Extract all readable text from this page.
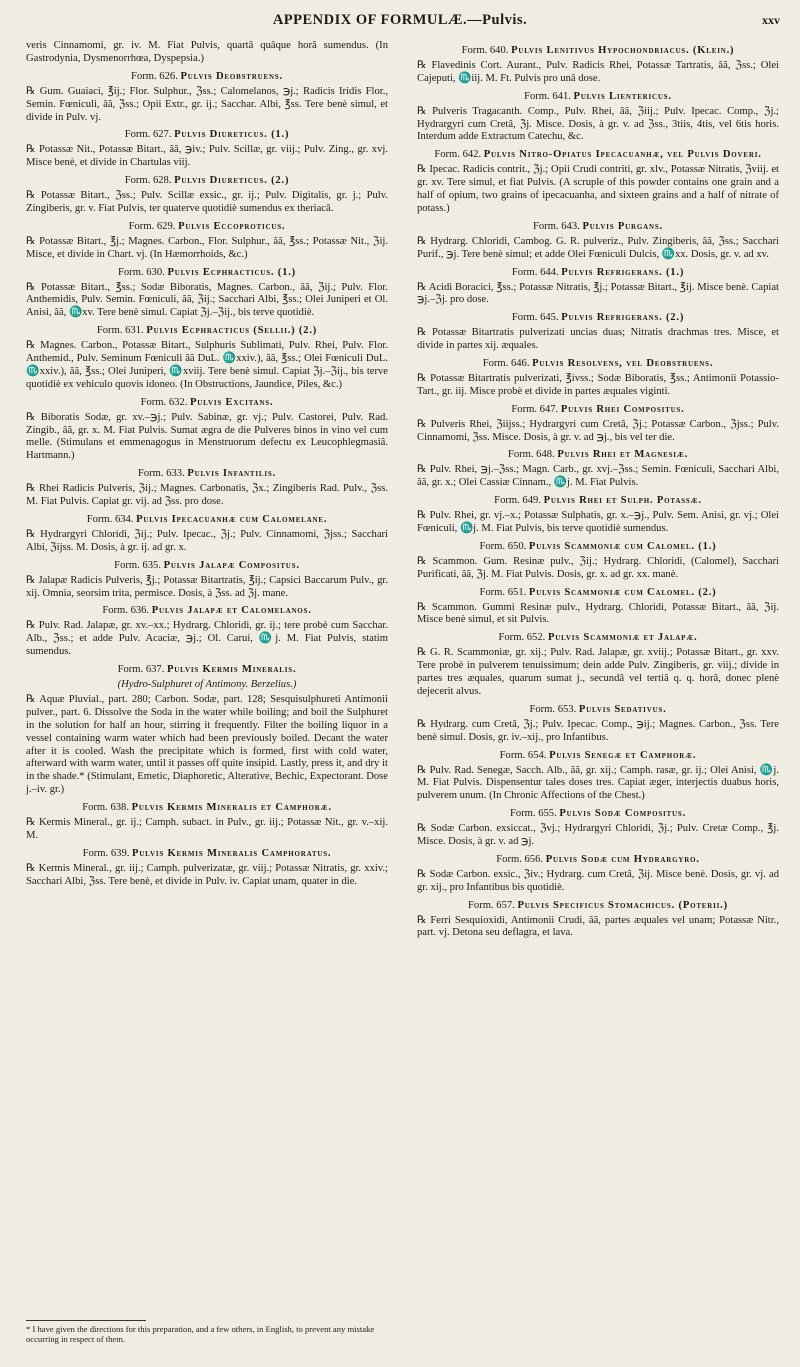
APPENDIX OF FORMULÆ.—Pulvis.	xxv

veris Cinnamomi, gr. iv. M. Fiat Pulvis, quartâ quâque horâ sumendus. (In Gastrodynia, Dysmenorrhœa, Dyspepsia.)

Form. 626. Pulvis Deobstruens.

℞ Gum. Guaiaci, ℥ij.; Flor. Sulphur., ℨss.; Calomelanos, ℈j.; Radicis Iridis Flor., Semin. Fœniculi, ãã, ℨss.; Opii Extr., gr. ij.; Sacchar. Albi, ℥ss. Tere benè simul, et divide in Pulv. vj.

Form. 627. Pulvis Diureticus. (1.)

℞ Potassæ Nit., Potassæ Bitart., ãã, ℈iv.; Pulv. Scillæ, gr. viij.; Pulv. Zing., gr. xvj. Misce benè, et divide in Chartulas viij.

Form. 628. Pulvis Diureticus. (2.)

℞ Potassæ Bitart., ℨss.; Pulv. Scillæ exsic., gr. ij.; Pulv. Digitalis, gr. j.; Pulv. Zingiberis, gr. v. Fiat Pulvis, ter quaterve quotidiè sumendus ex theriacâ.

Form. 629. Pulvis Eccoproticus.

℞ Potassæ Bitart., ℥j.; Magnes. Carbon., Flor. Sulphur., ãã, ℥ss.; Potassæ Nit., ℨij. Misce, et divide in Chart. vj. (In Hæmorrhoids, &c.)

Form. 630. Pulvis Ecphracticus. (1.)

℞ Potassæ Bitart., ℥ss.; Sodæ Biboratis, Magnes. Carbon., ãã, ℨij.; Pulv. Flor. Anthemidis, Pulv. Semin. Fœniculi, ãã, ℨij.; Sacchari Albi, ℥ss.; Olei Juniperi et Ol. Anisi, ãã, ♏xv. Tere benè simul. Capiat ℨj.–ℨij., bis terve quotidiè.

Form. 631. Pulvis Ecphracticus (Sellii.) (2.)

℞ Magnes. Carbon., Potassæ Bitart., Sulphuris Sublimati, Pulv. Rhei, Pulv. Flor. Anthemid., Pulv. Seminum Fœniculi ãã DuL. ♏xxiv.), ãã, ℥ss.; Olei Fœniculi DuL. ♏xxiv.), ãã, ℥ss.; Olei Juniperi, ♏xviij. Tere benè simul. Capiat ℨj.–ℨij., bis terve quotidiè ex vehiculo quovis idoneo. (In Obstructions, Jaundice, Piles, &c.)

Form. 632. Pulvis Excitans.

℞ Biboratis Sodæ, gr. xv.–℈j.; Pulv. Sabinæ, gr. vj.; Pulv. Castorei, Pulv. Rad. Zingib., ãã, gr. x. M. Fiat Pulvis. Sumat ægra de die Pulveres binos in vino vel cum melle. (Stimulans et emmenagogus in Menstruorum defectu ex Leucophlegmasiâ. Hartmann.)

Form. 633. Pulvis Infantilis.

℞ Rhei Radicis Pulveris, ℨij.; Magnes. Carbonatis, ℨx.; Zingiberis Rad. Pulv., ℨss. M. Fiat Pulvis. Capiat gr. vij. ad ℨss. pro dose.

Form. 634. Pulvis Ipecacuanhæ cum Calomelane.

℞ Hydrargyri Chloridi, ℨij.; Pulv. Ipecac., ℨj.; Pulv. Cinnamomi, ℨjss.; Sacchari Albi, ℨijss. M. Dosis, à gr. ij. ad gr. x.

Form. 635. Pulvis Jalapæ Compositus.

℞ Jalapæ Radicis Pulveris, ℥j.; Potassæ Bitartratis, ℥ij.; Capsici Baccarum Pulv., gr. xij. Omnia, seorsim trita, permisce. Dosis, à ℨss. ad ℨj. mane.

Form. 636. Pulvis Jalapæ et Calomelanos.

℞ Pulv. Rad. Jalapæ, gr. xv.–xx.; Hydrarg. Chloridi, gr. ij.; tere probè cum Sacchar. Alb., ℨss.; et adde Pulv. Acaciæ, ℈j.; Ol. Carui, ♏j. M. Fiat Pulvis, statim sumendus.

Form. 637. Pulvis Kermis Mineralis.
(Hydro-Sulphuret of Antimony. Berzelius.)

℞ Aquæ Pluvial., part. 280; Carbon. Sodæ, part. 128; Sesquisulphureti Antimonii pulver., part. 6. Dissolve the Soda in the water while boiling; and boil the Sulphuret in the solution for half an hour, stirring it frequently. Filter the boiling liquor in a vessel containing warm water which had been previously boiled. Decant the water after it is cooled. Wash the precipitate which is formed, first with cold water, afterward with warm water, until it passes off quite insipid. Lastly, press it, and dry it in the shade.* (Stimulant, Emetic, Diaphoretic, Alterative, Bechic, Expectorant. Dose j.–iv. gr.)

Form. 638. Pulvis Kermis Mineralis et Camphoræ.

℞ Kermis Mineral., gr. ij.; Camph. subact. in Pulv., gr. iij.; Potassæ Nit., gr. v.–xij. M.

Form. 639. Pulvis Kermis Mineralis Camphoratus.

℞ Kermis Mineral., gr. iij.; Camph. pulverizatæ, gr. viij.; Potassæ Nitratis, gr. xxiv.; Sacchari Albi, ℨss. Tere benè, et divide in Pulv. iv. Capiat unam, quater in die.

Form. 640. Pulvis Lenitivus Hypochondriacus. (Klein.)

℞ Flavedinis Cort. Aurant., Pulv. Radicis Rhei, Potassæ Tartratis, ãã, ℨss.; Olei Cajeputi, ♏iij. M. Ft. Pulvis pro unâ dose.

Form. 641. Pulvis Lientericus.

℞ Pulveris Tragacanth. Comp., Pulv. Rhei, ãã, ℨiij.; Pulv. Ipecac. Comp., ℨj.; Hydrargyri cum Cretâ, ℨj. Misce. Dosis, à gr. v. ad ℨss., 3tiis, 4tis, vel 6tis horis. Interdum adde Extractum Catechu, &c.

Form. 642. Pulvis Nitro-Opiatus Ipecacuanhæ, vel Pulvis Doveri.

℞ Ipecac. Radicis contrit., ℨj.; Opii Crudi contriti, gr. xlv., Potassæ Nitratis, ℨviij. et gr. xv. Tere simul, et fiat Pulvis. (A scruple of this powder contains one grain and a half of opium, two grains of ipecacuanha, and sixteen grains and a half of nitrate of potass.)

Form. 643. Pulvis Purgans.

℞ Hydrarg. Chloridi, Cambog. G. R. pulveriz., Pulv. Zingiberis, ãã, ℨss.; Sacchari Purif., ℈j. Tere benè simul; et adde Olei Fœniculi Dulcis, ♏xx. Dosis, gr. v. ad xv.

Form. 644. Pulvis Refrigerans. (1.)

℞ Acidi Boracici, ℥ss.; Potassæ Nitratis, ℥j.; Potassæ Bitart., ℥ij. Misce benè. Capiat ℈j.–ℨj. pro dose.

Form. 645. Pulvis Refrigerans. (2.)

℞ Potassæ Bitartratis pulverizati uncias duas; Nitratis drachmas tres. Misce, et divide in partes xij. æquales.

Form. 646. Pulvis Resolvens, vel Deobstruens.

℞ Potassæ Bitartratis pulverizati, ℥ivss.; Sodæ Biboratis, ℥ss.; Antimonii Potassio-Tart., gr. iij. Misce probè et divide in partes æquales viginti.

Form. 647. Pulvis Rhei Compositus.

℞ Pulveris Rhei, ℨiijss.; Hydrargyri cum Cretâ, ℨj.; Potassæ Carbon., ℨjss.; Pulv. Cinnamomi, ℨss. Misce. Dosis, à gr. v. ad ℈j., bis vel ter die.

Form. 648. Pulvis Rhei et Magnesiæ.

℞ Pulv. Rhei, ℈j.–ℨss.; Magn. Carb., gr. xvj.–ℨss.; Semin. Fœniculi, Sacchari Albi, ãã, gr. x.; Olei Cassiæ Cinnam., ♏j. M. Fiat Pulvis.

Form. 649. Pulvis Rhei et Sulph. Potassæ.

℞ Pulv. Rhei, gr. vj.–x.; Potassæ Sulphatis, gr. x.–℈j., Pulv. Sem. Anisi, gr. vj.; Olei Fœniculi, ♏j. M. Fiat Pulvis, bis terve quotidiè sumendus.

Form. 650. Pulvis Scammoniæ cum Calomel. (1.)

℞ Scammon. Gum. Resinæ pulv., ℨij.; Hydrarg. Chloridi, (Calomel), Sacchari Purificati, ãã, ℨj. M. Fiat Pulvis. Dosis, gr. x. ad gr. xx. manè.

Form. 651. Pulvis Scammoniæ cum Calomel. (2.)

℞ Scammon. Gummi Resinæ pulv., Hydrarg. Chloridi, Potassæ Bitart., ãã, ℨij. Misce benè simul, et sit Pulvis.

Form. 652. Pulvis Scammoniæ et Jalapæ.

℞ G. R. Scammoniæ, gr. xij.; Pulv. Rad. Jalapæ, gr. xviij.; Potassæ Bitart., gr. xxv. Tere probè in pulverem tenuissimum; dein adde Pulv. Zingiberis, gr. viij.; divide in partes tres æquales, quarum sumat j., secundâ vel tertiâ q. q. horâ, donec plenè dejecerit alvus.

Form. 653. Pulvis Sedativus.

℞ Hydrarg. cum Cretâ, ℨj.; Pulv. Ipecac. Comp., ℈ij.; Magnes. Carbon., ℨss. Tere benè simul. Dosis, gr. iv.–xij., pro Infantibus.

Form. 654. Pulvis Senegæ et Camphoræ.

℞ Pulv. Rad. Senegæ, Sacch. Alb., ãã, gr. xij.; Camph. rasæ, gr. ij.; Olei Anisi, ♏j. M. Fiat Pulvis. Dispensentur tales doses tres. Capiat æger, interjectis duabus horis, pulverem unum. (In Chronic Affections of the Chest.)

Form. 655. Pulvis Sodæ Compositus.

℞ Sodæ Carbon. exsiccat., ℨvj.; Hydrargyri Chloridi, ℨj.; Pulv. Cretæ Comp., ℥j. Misce. Dosis, à gr. v. ad ℈j.

Form. 656. Pulvis Sodæ cum Hydrargyro.

℞ Sodæ Carbon. exsic., ℨiv.; Hydrarg. cum Cretâ, ℨij. Misce benè. Dosis, gr. vj. ad gr. xij., pro Infantibus bis quotidiè.

Form. 657. Pulvis Specificus Stomachicus. (Poterii.)

℞ Ferri Sesquioxidi, Antimonii Crudi, ãã, partes æquales vel unam; Potassæ Nitr., part. vj. Detona seu deflagra, et lava.

* I have given the directions for this preparation, and a few others, in English, to prevent any mistake occurring in respect of them.
